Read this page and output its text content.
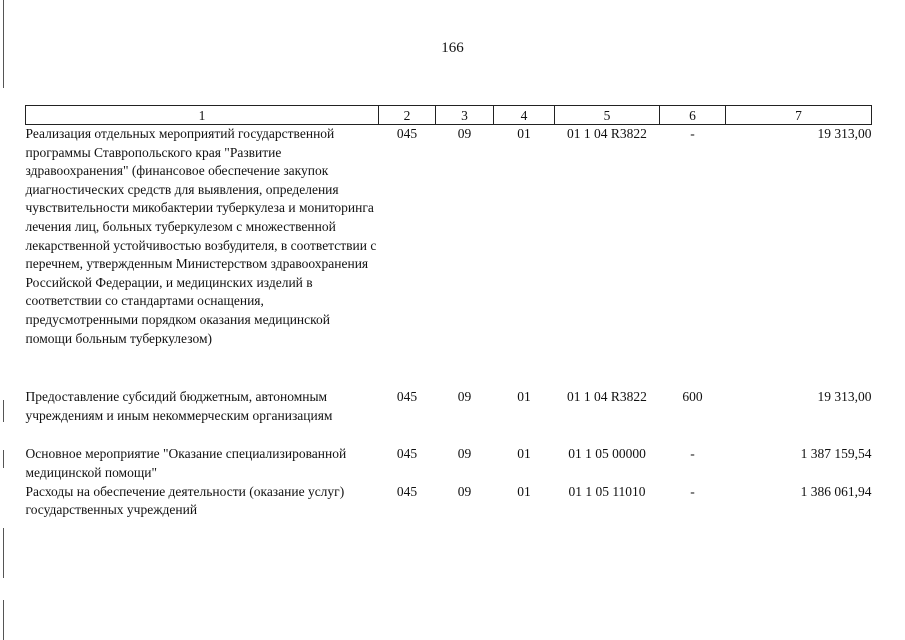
166
1	2	3	4	5	6	7
Реализация отдельных мероприятий государственной программы Ставропольского края "Развитие здравоохранения" (финансовое обеспечение закупок диагностических средств для выявления, определения чувствительности микобактерии туберкулеза и мониторинга лечения лиц, больных туберкулезом с множественной лекарственной устойчивостью возбудителя, в соответствии с перечнем, утвержденным Министерством здравоохранения Российской Федерации, и медицинских изделий в соответствии со стандартами оснащения, предусмотренными порядком оказания медицинской помощи больным туберкулезом)	045	09	01	01 1 04 R3822	-	19 313,00

Предоставление субсидий бюджетным, автономным учреждениям и иным некоммерческим организациям	045	09	01	01 1 04 R3822	600	19 313,00

Основное мероприятие "Оказание специализированной медицинской помощи"	045	09	01	01 1 05 00000	-	1 387 159,54
Расходы на обеспечение деятельности (оказание услуг) государственных учреждений	045	09	01	01 1 05 11010	-	1 386 061,94
